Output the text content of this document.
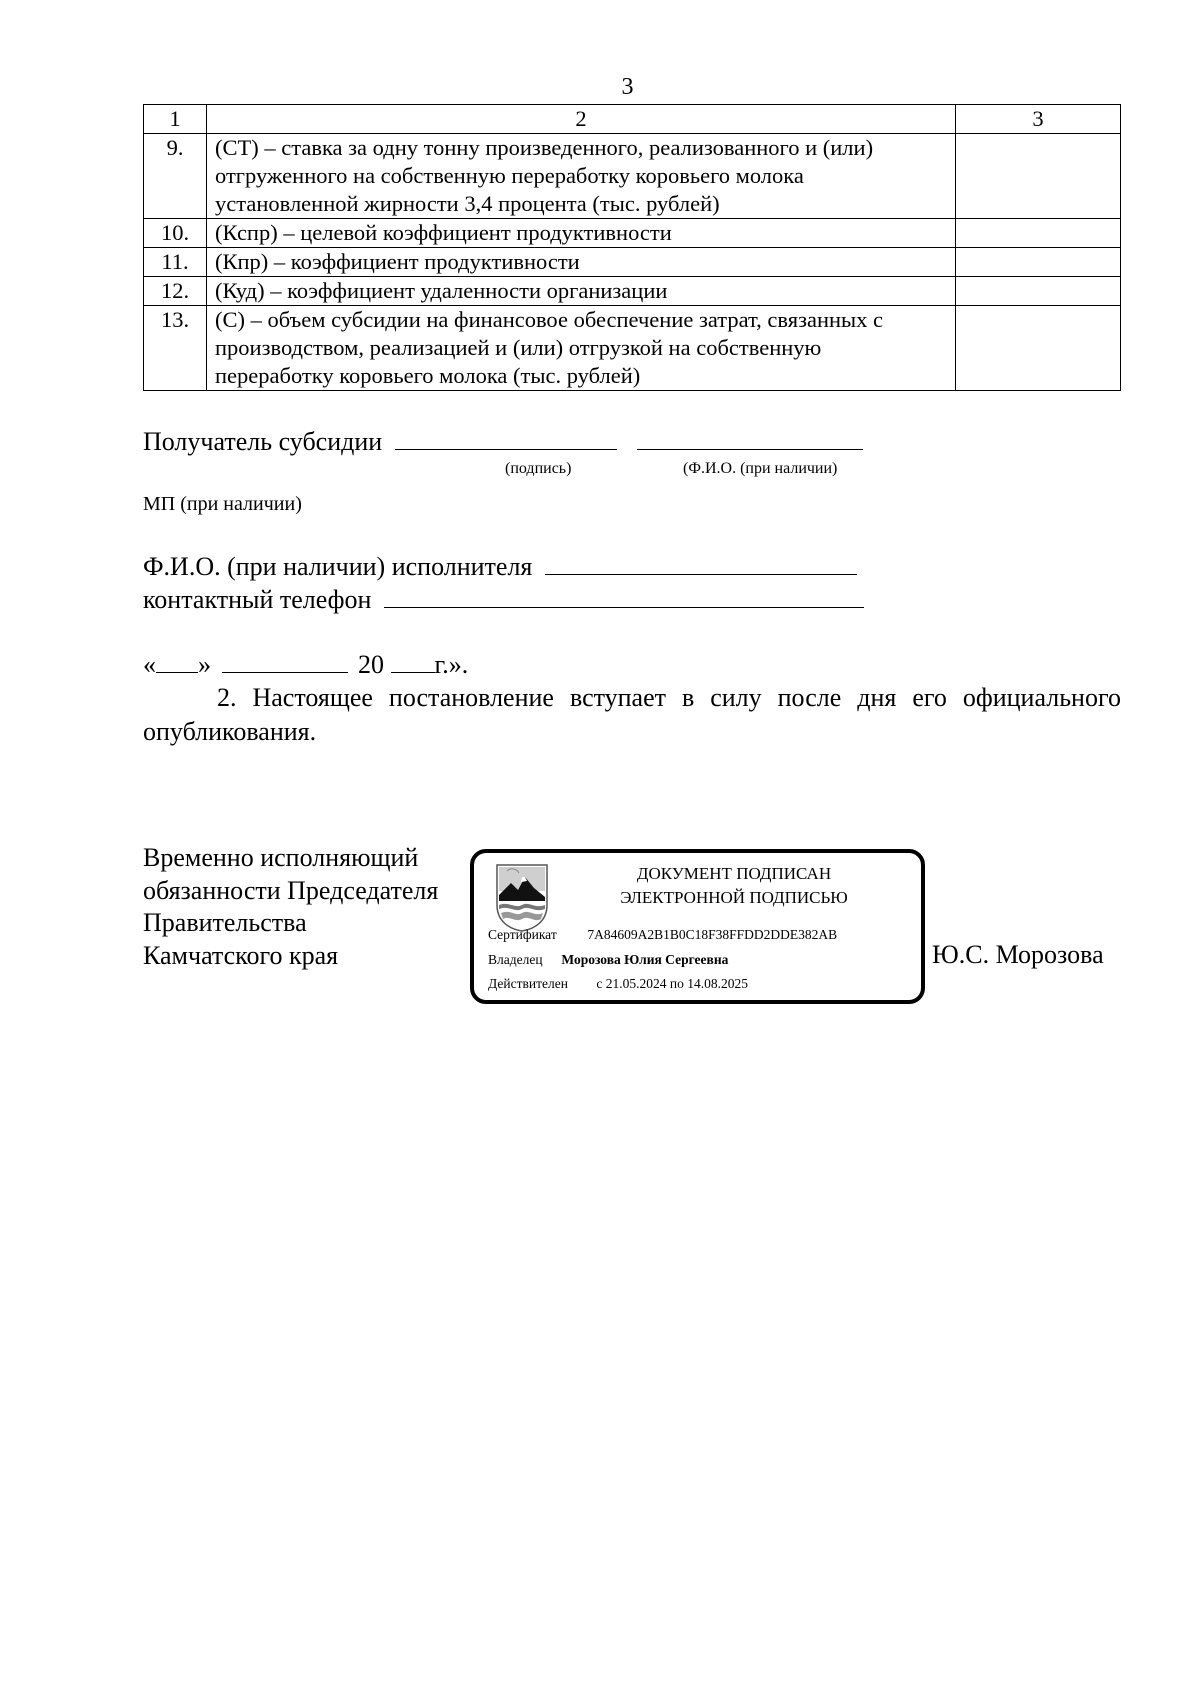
3
1	2	3
9.	(СТ) – ставка за одну тонну произведенного, реализованного и (или)
отгруженного на собственную переработку коровьего молока
установленной жирности 3,4 процента (тыс. рублей)	

10.	(Кспр) – целевой коэффициент продуктивности	

11.	(Кпр) – коэффициент продуктивности	

12.	(Куд) – коэффициент удаленности организации	

13.	(С) – объем субсидии на финансовое обеспечение затрат, связанных с
производством, реализацией и (или) отгрузкой на собственную
переработку коровьего молока (тыс. рублей)	

Получатель субсидии
(подпись)	(Ф.И.О. (при наличии)
МП (при наличии)
Ф.И.О. (при наличии) исполнителя
контактный телефон
« »	20 г.».
2. Настоящее постановление вступает в силу после дня его официального опубликования.
Временно исполняющий
обязанности Председателя
Правительства
Камчатского края
ДОКУМЕНТ ПОДПИСАН
ЭЛЕКТРОННОЙ ПОДПИСЬЮ
Сертификат 7A84609A2B1B0C18F38FFDD2DDE382AB
Владелец Морозова Юлия Сергеевна
Действителен с 21.05.2024 по 14.08.2025
Ю.С. Морозова
